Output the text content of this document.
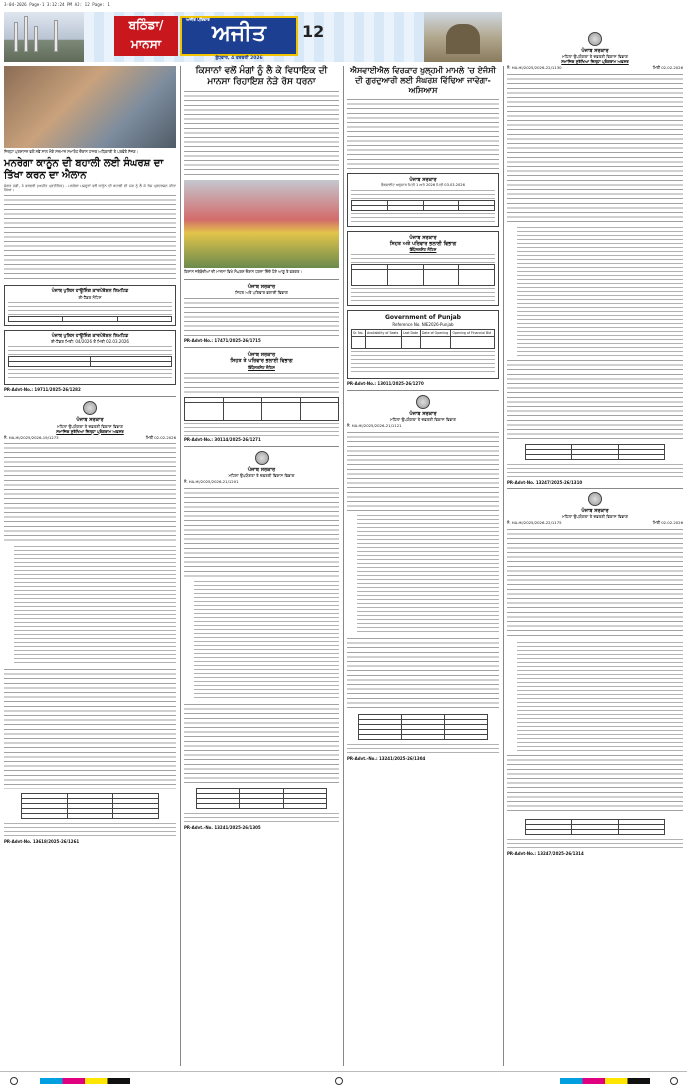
3-04-2026 Page-1 3:12:24 PM AJ: 12 Page: 1
ਬਠਿੰਡਾ/ ਮਾਨਸਾ
ਅਜੀਤ ਪਰਿਵਾਰ
ਅਜੀਤ
ਬੁੱਧਵਾਰ, 4 ਫਰਵਰੀ 2026
12
ਪੰਜਾਬ ਸਰਕਾਰ
ਮਹਿਲਾ ਉਪਯੋਗਤਾ ਤੇ ਦਫ਼ਤਰੀ ਵਿਕਾਸ ਵਿਭਾਗ
ਸਮਾਜਿਕ ਸੁਰੱਖਿਆ ਜ਼ਿਲ੍ਹਾ ਪ੍ਰੋਗਰਾਮ ਅਫ਼ਸਰ
ਨੰ. HA-HI/2025/2026-22/1130	ਮਿਤੀ 02.02.2026

PR-Advt-No. 13247/2025-26/1310
ਪੰਜਾਬ ਸਰਕਾਰ
ਮਹਿਲਾ ਉਪਯੋਗਤਾ ਤੇ ਦਫ਼ਤਰੀ ਵਿਕਾਸ ਵਿਭਾਗ
ਨੰ. HA-HI/2025/2026-22/1175	ਮਿਤੀ 02.02.2026

PR-Advt-No.: 13247/2025-26/1314
ਜ਼ਿਲ੍ਹਾ ਪ੍ਰਸ਼ਾਸਨ ਵਲੋਂ ਨਵੇਂ ਸਾਲ ਮੌਕੇ ਸਨਮਾਨ ਸਮਾਰੋਹ ਦੌਰਾਨ ਹਾਜ਼ਰ ਅਧਿਕਾਰੀ ਤੇ ਪਤਵੰਤੇ ਸੱਜਣ।
ਮਨਰੇਗਾ ਕਾਨੂੰਨ ਦੀ ਬਹਾਲੀ ਲਈ ਸੰਘਰਸ਼ ਦਾ ਤਿੱਖਾ ਕਰਨ ਦਾ ਐਲਾਨ
ਸੰਗਤ ਮੰਡੀ, 3 ਫਰਵਰੀ (ਅਜੀਤ ਪ੍ਰਤੀਨਿਧ) - ਮਨਰੇਗਾ ਮਜ਼ਦੂਰਾਂ ਵਲੋਂ ਕਾਨੂੰਨ ਦੀ ਬਹਾਲੀ ਦੀ ਮੰਗ ਨੂੰ ਲੈ ਕੇ ਰੋਸ ਪ੍ਰਦਰਸ਼ਨ ਕੀਤਾ ਗਿਆ।
ਪੰਜਾਬ ਪੁਲਿਸ ਹਾਊਸਿੰਗ ਕਾਰਪੋਰੇਸ਼ਨ ਲਿਮਟਿਡ
ਈ-ਟੈਂਡਰ ਨੋਟਿਸ

ਪੰਜਾਬ ਪੁਲਿਸ ਹਾਊਸਿੰਗ ਕਾਰਪੋਰੇਸ਼ਨ ਲਿਮਟਿਡ
ਈ-ਟੈਂਡਰ ਮਿਤੀ: 04/2026 ਤੋਂ ਮਿਤੀ 02.03.2026

PR-Advt-No.: 19711/2025-26/1282
ਪੰਜਾਬ ਸਰਕਾਰ
ਮਹਿਲਾ ਉਪਯੋਗਤਾ ਤੇ ਦਫ਼ਤਰੀ ਵਿਕਾਸ ਵਿਭਾਗ
ਸਮਾਜਿਕ ਸੁਰੱਖਿਆ ਜ਼ਿਲ੍ਹਾ ਪ੍ਰੋਗਰਾਮ ਅਫ਼ਸਰ
ਨੰ. HA-HI/2025/2026-19/1273	ਮਿਤੀ 02.02.2026

PR-Advt-No. 13618/2025-26/1261
ਕਿਸਾਨਾਂ ਵਲੋਂ ਮੰਗਾਂ ਨੂੰ ਲੈ ਕੇ ਵਿਧਾਇਕ ਦੀ ਮਾਨਸਾ ਰਿਹਾਇਸ਼ ਨੇੜੇ ਰੋਸ ਧਰਨਾ
ਕਿਸਾਨ ਜਥੇਬੰਦੀਆਂ ਦੀ ਮਾਨਸਾ ਵਿਖੇ ਸੰਘਰਸ਼ ਦੌਰਾਨ ਧਰਨਾ ਦਿੰਦੇ ਹੋਏ ਆਗੂ ਤੇ ਵਰਕਰ।
ਪੰਜਾਬ ਸਰਕਾਰ
ਸਿਹਤ ਅਤੇ ਪਰਿਵਾਰ ਭਲਾਈ ਵਿਭਾਗ
PR-Advt-No.: 17471/2025-26/1715
ਪੰਜਾਬ ਸਰਕਾਰ
ਸਿਹਤ ਤੇ ਪਰਿਵਾਰ ਭਲਾਈ ਵਿਭਾਗ
ਇੰਪੈਨਲਮੈਂਟ ਨੋਟਿਸ

PR-Advt-No.: 30114/2025-26/1271
ਪੰਜਾਬ ਸਰਕਾਰ
ਮਹਿਲਾ ਉਪਯੋਗਤਾ ਤੇ ਦਫ਼ਤਰੀ ਵਿਕਾਸ ਵਿਭਾਗ
ਨੰ. HA-HI/2025/2026-21/1201

PR-Advt.-No. 13241/2025-26/1305
ਐਸਵਾਈਐਲ ਵਿਰਕਾਰ ਖੁਲ੍ਹਮੀ ਮਾਮਲੇ 'ਚ ਏਜੰਸੀ ਦੀ ਗੁਰਦੁਆਰੀ ਲਈ ਸੰਘਰਸ਼ ਵਿੱਢਿਆ ਜਾਵੇਗਾ-ਅਸਿਆਸ
ਪੰਜਾਬ ਸਰਕਾਰ
ਵੈਬਸਾਈਟ ਅਨੁਸਾਰ ਮਿਤੀ 1 ਅਤੇ 2026 ਮਿਤੀ 03.03.2026

ਪੰਜਾਬ ਸਰਕਾਰ
ਸਿਹਤ ਅਤੇ ਪਰਿਵਾਰ ਭਲਾਈ ਵਿਭਾਗ
ਇੰਪੈਨਲਮੈਂਟ ਨੋਟਿਸ

Government of Punjab
Reference No. NIE2026-Punjab
Sr. No.	Availability of Seats	Last Date	Date of Opening	Opening of Financial Bid

PR-Advt-No.: 13011/2025-26/1270
ਪੰਜਾਬ ਸਰਕਾਰ
ਮਹਿਲਾ ਉਪਯੋਗਤਾ ਤੇ ਦਫ਼ਤਰੀ ਵਿਕਾਸ ਵਿਭਾਗ
ਨੰ. HA-HI/2025/2026-21/1121

PR-Advt.-No.: 13241/2025-26/1304
